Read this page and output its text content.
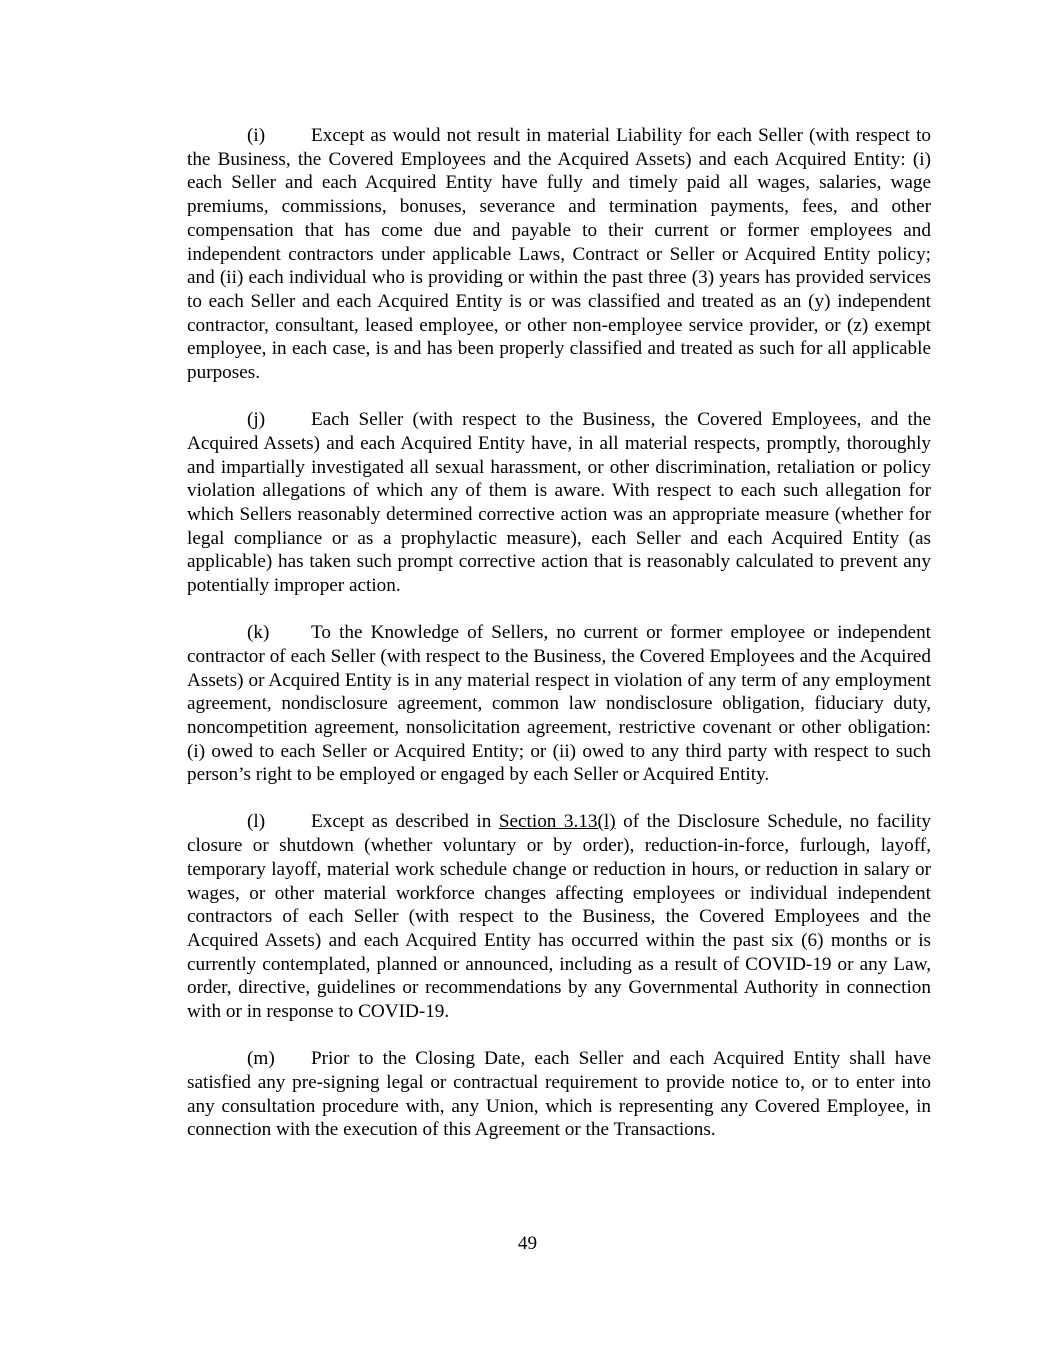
(i) Except as would not result in material Liability for each Seller (with respect to the Business, the Covered Employees and the Acquired Assets) and each Acquired Entity: (i) each Seller and each Acquired Entity have fully and timely paid all wages, salaries, wage premiums, commissions, bonuses, severance and termination payments, fees, and other compensation that has come due and payable to their current or former employees and independent contractors under applicable Laws, Contract or Seller or Acquired Entity policy; and (ii) each individual who is providing or within the past three (3) years has provided services to each Seller and each Acquired Entity is or was classified and treated as an (y) independent contractor, consultant, leased employee, or other non-employee service provider, or (z) exempt employee, in each case, is and has been properly classified and treated as such for all applicable purposes.

(j) Each Seller (with respect to the Business, the Covered Employees, and the Acquired Assets) and each Acquired Entity have, in all material respects, promptly, thoroughly and impartially investigated all sexual harassment, or other discrimination, retaliation or policy violation allegations of which any of them is aware. With respect to each such allegation for which Sellers reasonably determined corrective action was an appropriate measure (whether for legal compliance or as a prophylactic measure), each Seller and each Acquired Entity (as applicable) has taken such prompt corrective action that is reasonably calculated to prevent any potentially improper action.

(k) To the Knowledge of Sellers, no current or former employee or independent contractor of each Seller (with respect to the Business, the Covered Employees and the Acquired Assets) or Acquired Entity is in any material respect in violation of any term of any employment agreement, nondisclosure agreement, common law nondisclosure obligation, fiduciary duty, noncompetition agreement, nonsolicitation agreement, restrictive covenant or other obligation: (i) owed to each Seller or Acquired Entity; or (ii) owed to any third party with respect to such person’s right to be employed or engaged by each Seller or Acquired Entity.

(l) Except as described in Section 3.13(l) of the Disclosure Schedule, no facility closure or shutdown (whether voluntary or by order), reduction-in-force, furlough, layoff, temporary layoff, material work schedule change or reduction in hours, or reduction in salary or wages, or other material workforce changes affecting employees or individual independent contractors of each Seller (with respect to the Business, the Covered Employees and the Acquired Assets) and each Acquired Entity has occurred within the past six (6) months or is currently contemplated, planned or announced, including as a result of COVID-19 or any Law, order, directive, guidelines or recommendations by any Governmental Authority in connection with or in response to COVID-19.

(m) Prior to the Closing Date, each Seller and each Acquired Entity shall have satisfied any pre-signing legal or contractual requirement to provide notice to, or to enter into any consultation procedure with, any Union, which is representing any Covered Employee, in connection with the execution of this Agreement or the Transactions.

49
